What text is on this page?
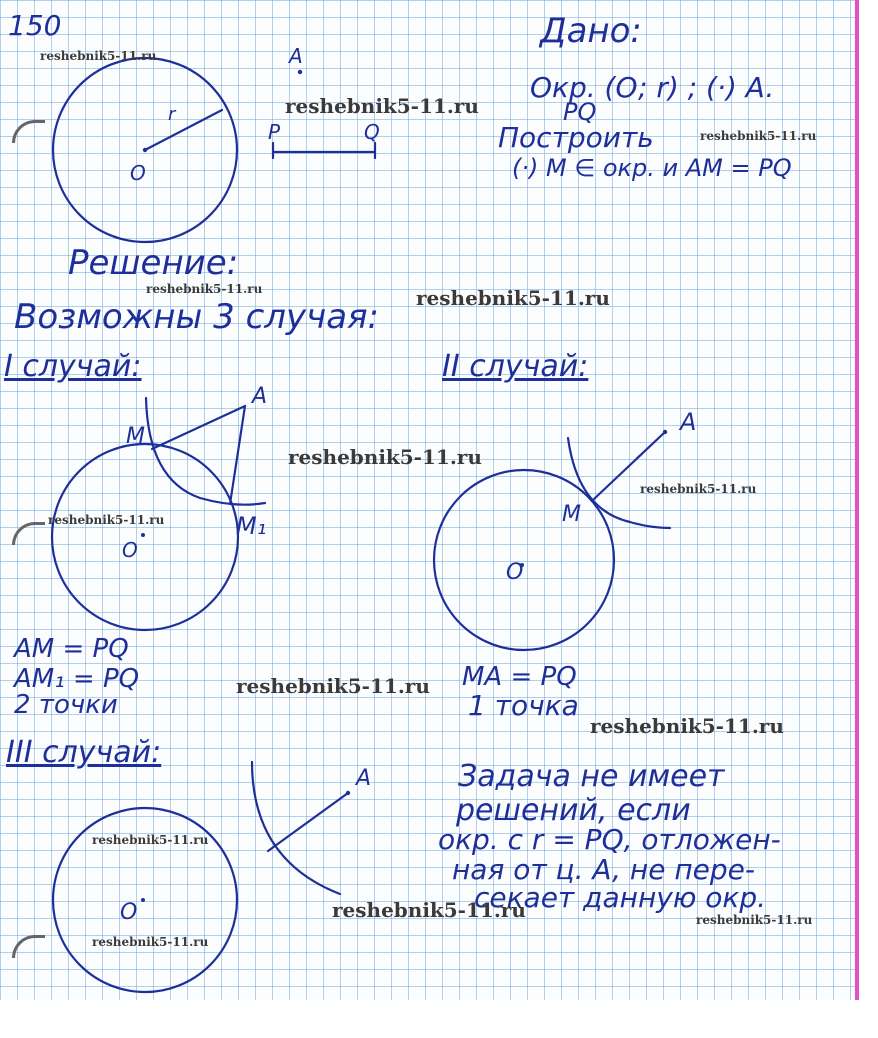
150
O
r
A
P	Q
Дано:
Окр. (O; r) ; (·) A.
PQ
Построить
(·) M ∈ окр. и AM = PQ
Решение:
Возможны 3 случая:
I случай:
A
M
M₁
O
AM = PQ
AM₁ = PQ
2 точки
II случай:
A
M
O
MA = PQ
1 точка
III случай:
A
O
Задача не имеет
решений, если
окр. с r = PQ, отложен-
ная от ц. A, не пере-
секает данную окр.
reshebnik5-11.ru
reshebnik5-11.ru
reshebnik5-11.ru
reshebnik5-11.ru	reshebnik5-11.ru
reshebnik5-11.ru
reshebnik5-11.ru
reshebnik5-11.ru
reshebnik5-11.ru
reshebnik5-11.ru
reshebnik5-11.ru
reshebnik5-11.ru	reshebnik5-11.ru
reshebnik5-11.ru
